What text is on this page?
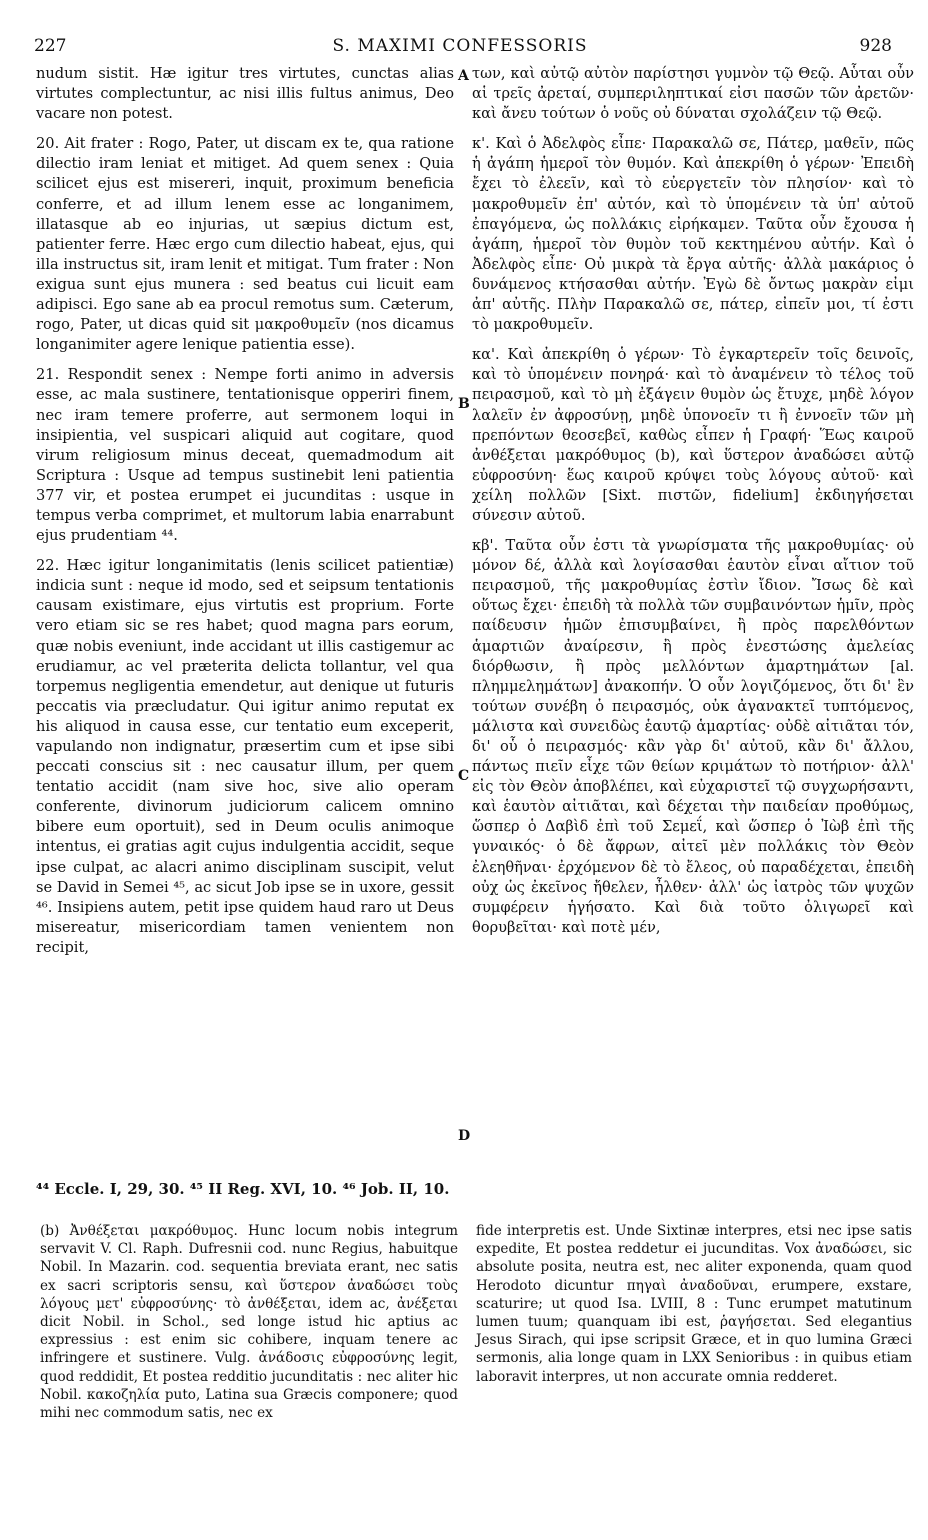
227	S. MAXIMI CONFESSORIS	928

nudum sistit. Hæ igitur tres virtutes, cunctas alias virtutes complectuntur, ac nisi illis fultus animus, Deo vacare non potest.

20. Ait frater : Rogo, Pater, ut discam ex te, qua ratione dilectio iram leniat et mitiget. Ad quem senex : Quia scilicet ejus est misereri, inquit, proximum beneficia conferre, et ad illum lenem esse ac longanimem, illatasque ab eo injurias, ut sæpius dictum est, patienter ferre. Hæc ergo cum dilectio habeat, ejus, qui illa instructus sit, iram lenit et mitigat. Tum frater : Non exigua sunt ejus munera : sed beatus cui licuit eam adipisci. Ego sane ab ea procul remotus sum. Cæterum, rogo, Pater, ut dicas quid sit μακροθυμεῖν (nos dicamus longanimiter agere lenique patientia esse).

21. Respondit senex : Nempe forti animo in adversis esse, ac mala sustinere, tentationisque opperiri finem, nec iram temere proferre, aut sermonem loqui in insipientia, vel suspicari aliquid aut cogitare, quod virum religiosum minus deceat, quemadmodum ait Scriptura : Usque ad tempus sustinebit leni patientia 377 vir, et postea erumpet ei jucunditas : usque in tempus verba comprimet, et multorum labia enarrabunt ejus prudentiam ⁴⁴.

22. Hæc igitur longanimitatis (lenis scilicet patientiæ) indicia sunt : neque id modo, sed et seipsum tentationis causam existimare, ejus virtutis est proprium. Forte vero etiam sic se res habet; quod magna pars eorum, quæ nobis eveniunt, inde accidant ut illis castigemur ac erudiamur, ac vel præterita delicta tollantur, vel qua torpemus negligentia emendetur, aut denique ut futuris peccatis via præcludatur. Qui igitur animo reputat ex his aliquod in causa esse, cur tentatio eum exceperit, vapulando non indignatur, præsertim cum et ipse sibi peccati conscius sit : nec causatur illum, per quem tentatio accidit (nam sive hoc, sive alio operam conferente, divinorum judiciorum calicem omnino bibere eum oportuit), sed in Deum oculis animoque intentus, ei gratias agit cujus indulgentia accidit, seque ipse culpat, ac alacri animo disciplinam suscipit, velut se David in Semei ⁴⁵, ac sicut Job ipse se in uxore, gessit ⁴⁶. Insipiens autem, petit ipse quidem haud raro ut Deus misereatur, misericordiam tamen venientem non recipit,

των, καὶ αὐτῷ αὐτὸν παρίστησι γυμνὸν τῷ Θεῷ. Αὗται οὖν αἱ τρεῖς ἀρεταί, συμπεριληπτικαί εἰσι πασῶν τῶν ἀρετῶν· καὶ ἄνευ τούτων ὁ νοῦς οὐ δύναται σχολάζειν τῷ Θεῷ.

κ'. Καὶ ὁ Ἀδελφὸς εἶπε· Παρακαλῶ σε, Πάτερ, μαθεῖν, πῶς ἡ ἀγάπη ἡμεροῖ τὸν θυμόν. Καὶ ἀπεκρίθη ὁ γέρων· Ἐπειδὴ ἔχει τὸ ἐλεεῖν, καὶ τὸ εὐεργετεῖν τὸν πλησίον· καὶ τὸ μακροθυμεῖν ἐπ' αὐτόν, καὶ τὸ ὑπομένειν τὰ ὑπ' αὐτοῦ ἐπαγόμενα, ὡς πολλάκις εἰρήκαμεν. Ταῦτα οὖν ἔχουσα ἡ ἀγάπη, ἡμεροῖ τὸν θυμὸν τοῦ κεκτημένου αὐτήν. Καὶ ὁ Ἀδελφὸς εἶπε· Οὐ μικρὰ τὰ ἔργα αὐτῆς· ἀλλὰ μακάριος ὁ δυνάμενος κτήσασθαι αὐτήν. Ἐγὼ δὲ ὄντως μακρὰν εἰμι ἀπ' αὐτῆς. Πλὴν Παρακαλῶ σε, πάτερ, εἰπεῖν μοι, τί ἐστι τὸ μακροθυμεῖν.

κα'. Καὶ ἀπεκρίθη ὁ γέρων· Τὸ ἐγκαρτερεῖν τοῖς δεινοῖς, καὶ τὸ ὑπομένειν πονηρά· καὶ τὸ ἀναμένειν τὸ τέλος τοῦ πειρασμοῦ, καὶ τὸ μὴ ἐξάγειν θυμὸν ὡς ἔτυχε, μηδὲ λόγον λαλεῖν ἐν ἀφροσύνῃ, μηδὲ ὑπονοεῖν τι ἢ ἐννοεῖν τῶν μὴ πρεπόντων θεοσεβεῖ, καθὼς εἶπεν ἡ Γραφή· Ἕως καιροῦ ἀνθέξεται μακρόθυμος (b), καὶ ὕστερον ἀναδώσει αὐτῷ εὐφροσύνη· ἕως καιροῦ κρύψει τοὺς λόγους αὐτοῦ· καὶ χείλη πολλῶν [Sixt. πιστῶν, fidelium] ἐκδιηγήσεται σύνεσιν αὐτοῦ.

κβ'. Ταῦτα οὖν ἐστι τὰ γνωρίσματα τῆς μακροθυμίας· οὐ μόνον δέ, ἀλλὰ καὶ λογίσασθαι ἑαυτὸν εἶναι αἴτιον τοῦ πειρασμοῦ, τῆς μακροθυμίας ἐστὶν ἴδιον. Ἴσως δὲ καὶ οὕτως ἔχει· ἐπειδὴ τὰ πολλὰ τῶν συμβαινόντων ἡμῖν, πρὸς παίδευσιν ἡμῶν ἐπισυμβαίνει, ἢ πρὸς παρελθόντων ἁμαρτιῶν ἀναίρεσιν, ἢ πρὸς ἐνεστώσης ἀμελείας διόρθωσιν, ἢ πρὸς μελλόντων ἁμαρτημάτων [al. πλημμελημάτων] ἀνακοπήν. Ὁ οὖν λογιζόμενος, ὅτι δι' ἓν τούτων συνέβη ὁ πειρασμός, οὐκ ἀγανακτεῖ τυπτόμενος, μάλιστα καὶ συνειδὼς ἑαυτῷ ἁμαρτίας· οὐδὲ αἰτιᾶται τόν, δι' οὗ ὁ πειρασμός· κἂν γὰρ δι' αὐτοῦ, κἂν δι' ἄλλου, πάντως πιεῖν εἶχε τῶν θείων κριμάτων τὸ ποτήριον· ἀλλ' εἰς τὸν Θεὸν ἀποβλέπει, καὶ εὐχαριστεῖ τῷ συγχωρήσαντι, καὶ ἑαυτὸν αἰτιᾶται, καὶ δέχεται τὴν παιδείαν προθύμως, ὥσπερ ὁ Δαβὶδ ἐπὶ τοῦ Σεμεΐ, καὶ ὥσπερ ὁ Ἰὼβ ἐπὶ τῆς γυναικός· ὁ δὲ ἄφρων, αἰτεῖ μὲν πολλάκις τὸν Θεὸν ἐλεηθῆναι· ἐρχόμενον δὲ τὸ ἔλεος, οὐ παραδέχεται, ἐπειδὴ οὐχ ὡς ἐκεῖνος ἤθελεν, ἦλθεν· ἀλλ' ὡς ἰατρὸς τῶν ψυχῶν συμφέρειν ἡγήσατο. Καὶ διὰ τοῦτο ὀλιγωρεῖ καὶ θορυβεῖται· καὶ ποτὲ μέν,

A
B
C
D
⁴⁴ Eccle. I, 29, 30. ⁴⁵ II Reg. XVI, 10. ⁴⁶ Job. II, 10.

(b) Ἀνθέξεται μακρόθυμος. Hunc locum nobis integrum servavit V. Cl. Raph. Dufresnii cod. nunc Regius, habuitque Nobil. In Mazarin. cod. sequentia breviata erant, nec satis ex sacri scriptoris sensu, καὶ ὕστερον ἀναδώσει τοὺς λόγους μετ' εὐφροσύνης· τὸ ἀνθέξεται, idem ac, ἀνέξεται dicit Nobil. in Schol., sed longe istud hic aptius ac expressius : est enim sic cohibere, inquam tenere ac infringere et sustinere. Vulg. ἀνάδοσις εὐφροσύνης legit, quod reddidit, Et postea redditio jucunditatis : nec aliter hic Nobil. κακοζηλία puto, Latina sua Græcis componere; quod mihi nec commodum satis, nec ex

fide interpretis est. Unde Sixtinæ interpres, etsi nec ipse satis expedite, Et postea reddetur ei jucunditas. Vox ἀναδώσει, sic absolute posita, neutra est, nec aliter exponenda, quam quod Herodoto dicuntur πηγαὶ ἀναδοῦναι, erumpere, exstare, scaturire; ut quod Isa. LVIII, 8 : Tunc erumpet matutinum lumen tuum; quanquam ibi est, ῥαγήσεται. Sed elegantius Jesus Sirach, qui ipse scripsit Græce, et in quo lumina Græci sermonis, alia longe quam in LXX Senioribus : in quibus etiam laboravit interpres, ut non accurate omnia redderet.
